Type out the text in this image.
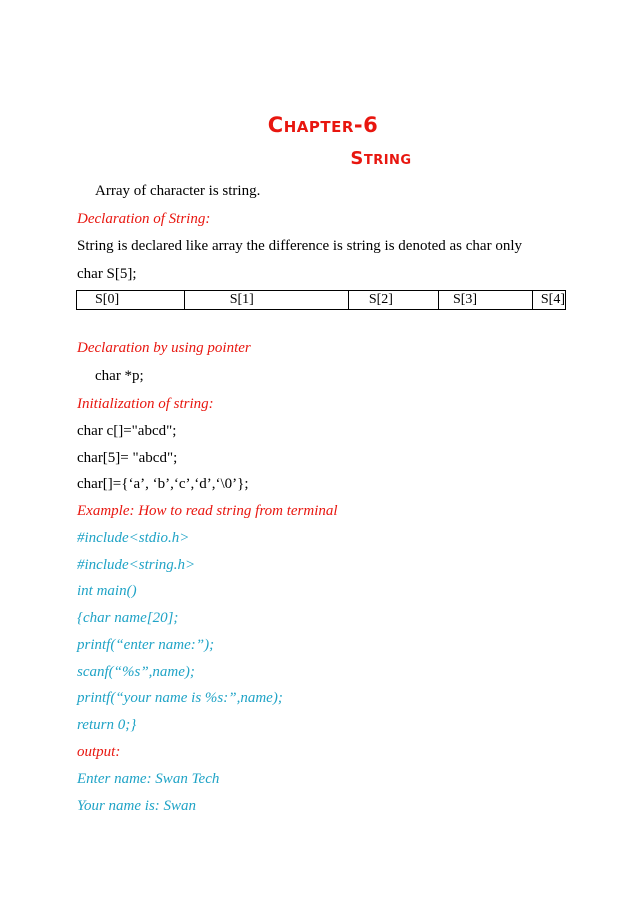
Chapter-6
String
Array of character is string.
Declaration of String:
String is declared like array the difference is string is denoted as char only
char S[5];
S[0]	S[1]	S[2]	S[3]	S[4]
Declaration by using pointer
char *p;
Initialization of string:
char c[]="abcd";
char[5]= "abcd";
char[]={‘a’, ‘b’,‘c’,‘d’,‘\0’};
Example: How to read string from terminal
#include<stdio.h>
#include<string.h>
int main()
{char name[20];
printf(“enter name:”);
scanf(“%s”,name);
printf(“your name is %s:”,name);
return 0;}
output:
Enter name: Swan Tech
Your name is: Swan
